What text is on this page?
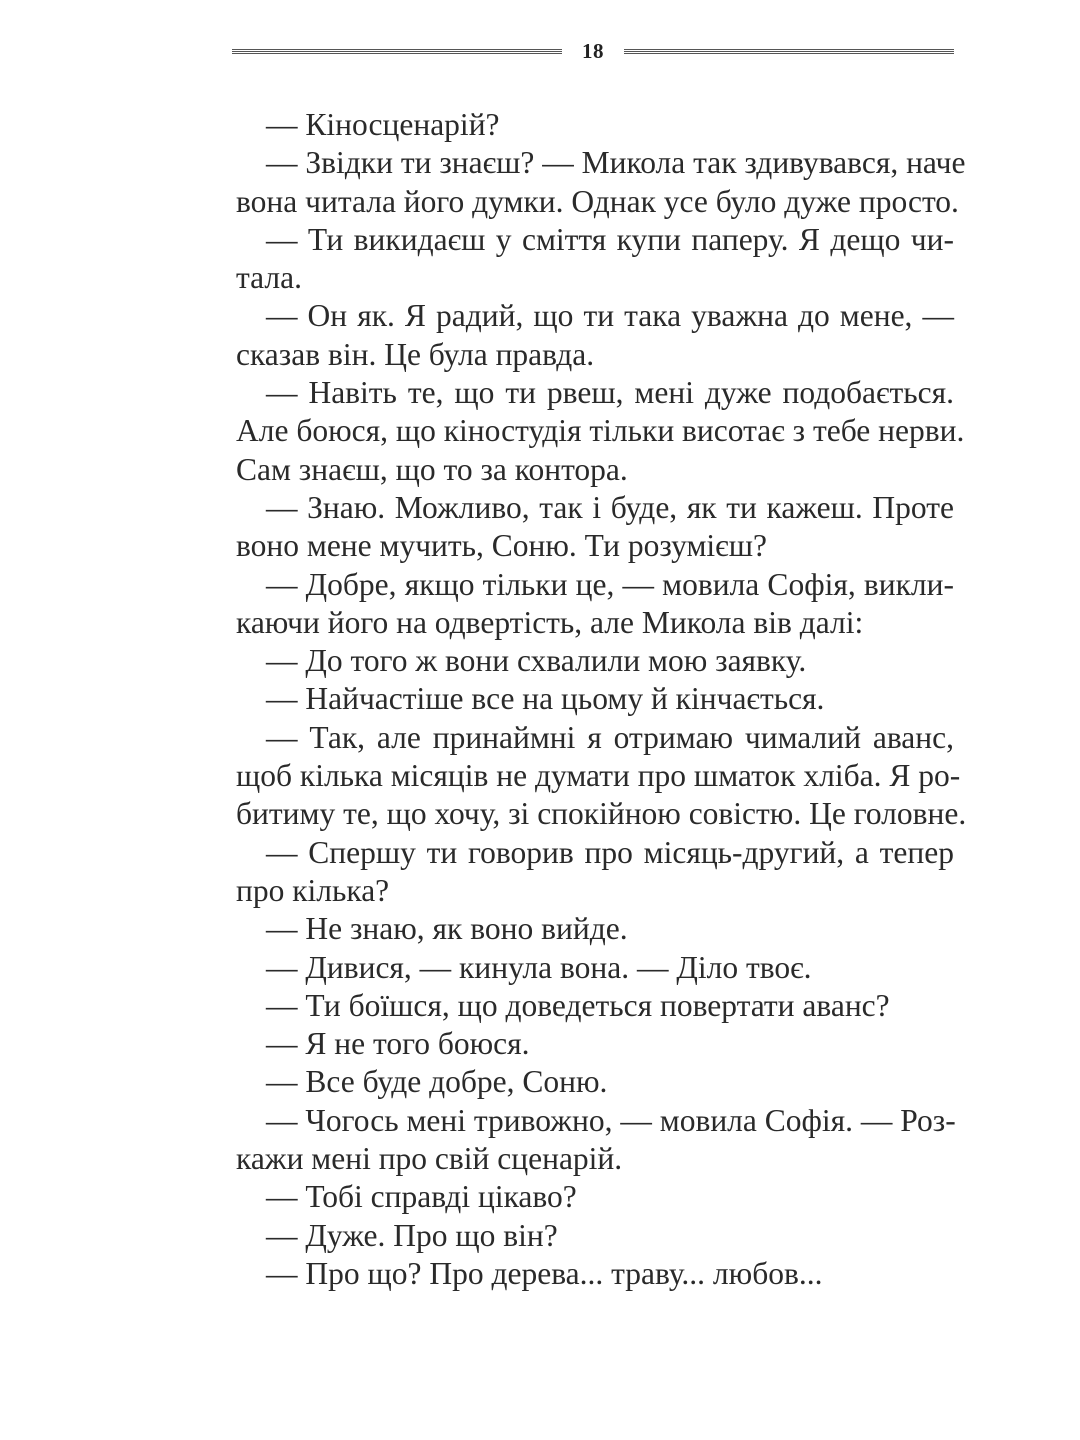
18
— Кіносценарій?
— Звідки ти знаєш? — Микола так здивувався, наче
вона читала його думки. Однак усе було дуже просто.
— Ти викидаєш у сміття купи паперу. Я дещо чи-
тала.
— Он як. Я радий, що ти така уважна до мене, —
сказав він. Це була правда.
— Навіть те, що ти рвеш, мені дуже подобається.
Але боюся, що кіностудія тільки висотає з тебе нерви.
Сам знаєш, що то за контора.
— Знаю. Можливо, так і буде, як ти кажеш. Проте
воно мене мучить, Соню. Ти розумієш?
— Добре, якщо тільки це, — мовила Софія, викли-
каючи його на одвертість, але Микола вів далі:
— До того ж вони схвалили мою заявку.
— Найчастіше все на цьому й кінчається.
— Так, але принаймні я отримаю чималий аванс,
щоб кілька місяців не думати про шматок хліба. Я ро-
битиму те, що хочу, зі спокійною совістю. Це головне.
— Спершу ти говорив про місяць-другий, а тепер
про кілька?
— Не знаю, як воно вийде.
— Дивися, — кинула вона. — Діло твоє.
— Ти боїшся, що доведеться повертати аванс?
— Я не того боюся.
— Все буде добре, Соню.
— Чогось мені тривожно, — мовила Софія. — Роз-
кажи мені про свій сценарій.
— Тобі справді цікаво?
— Дуже. Про що він?
— Про що? Про дерева... траву... любов...
